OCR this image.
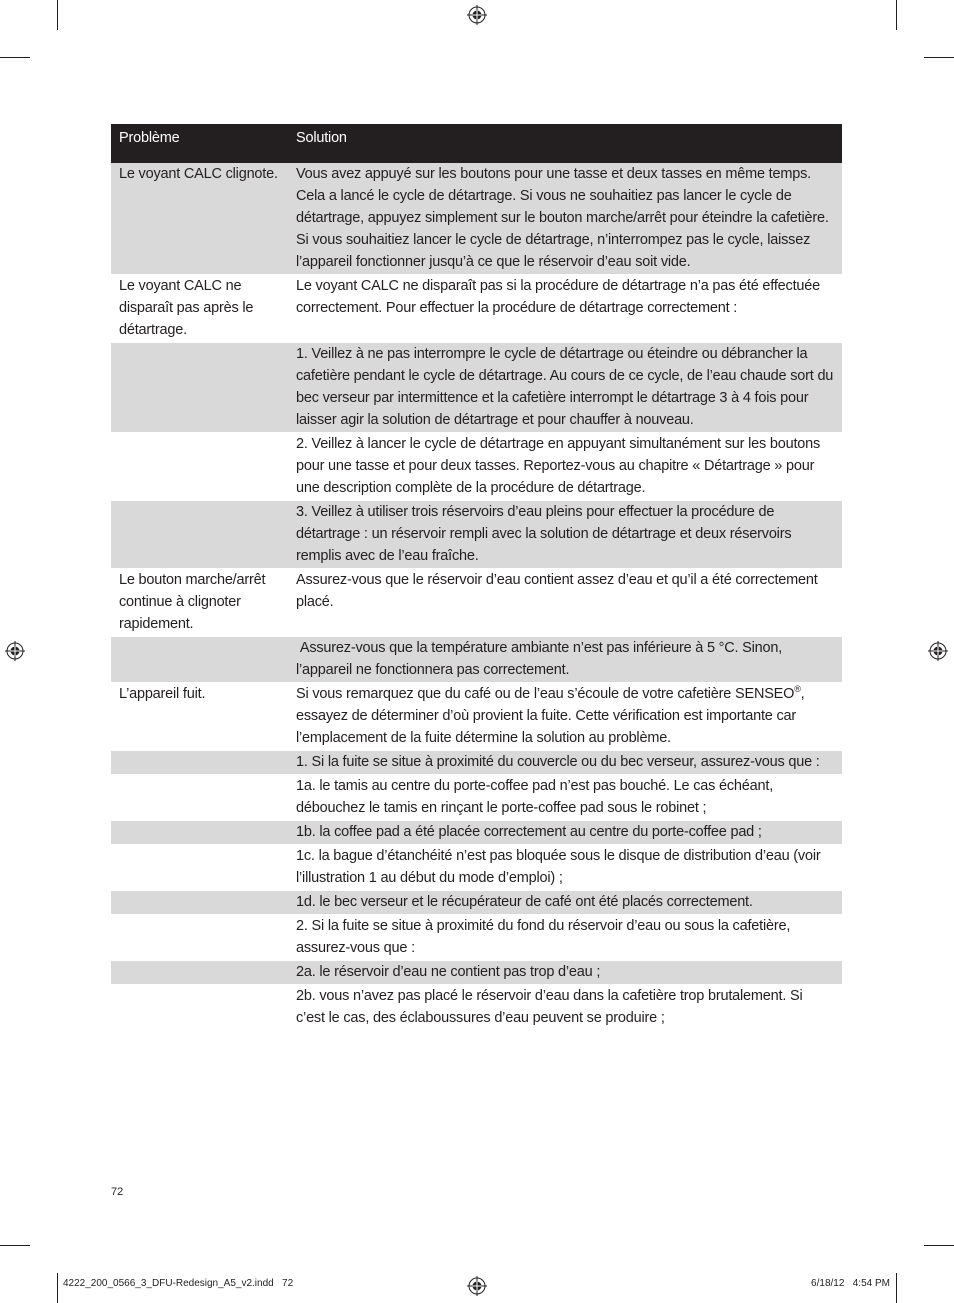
Problème	Solution
Le voyant CALC clignote.	Vous avez appuyé sur les boutons pour une tasse et deux tasses en même temps. Cela a lancé le cycle de détartrage. Si vous ne souhaitiez pas lancer le cycle de détartrage, appuyez simplement sur le bouton marche/arrêt pour éteindre la cafetière. Si vous souhaitiez lancer le cycle de détartrage, n’interrompez pas le cycle, laissez l’appareil fonctionner jusqu’à ce que le réservoir d’eau soit vide.
Le voyant CALC ne disparaît pas après le détartrage.	Le voyant CALC ne disparaît pas si la procédure de détartrage n’a pas été effectuée correctement. Pour effectuer la procédure de détartrage correctement :
	1. Veillez à ne pas interrompre le cycle de détartrage ou éteindre ou débrancher la cafetière pendant le cycle de détartrage. Au cours de ce cycle, de l’eau chaude sort du bec verseur par intermittence et la cafetière interrompt le détartrage 3 à 4 fois pour laisser agir la solution de détartrage et pour chauffer à nouveau.
	2. Veillez à lancer le cycle de détartrage en appuyant simultanément sur les boutons pour une tasse et pour deux tasses. Reportez-vous au chapitre « Détartrage » pour une description complète de la procédure de détartrage.
	3. Veillez à utiliser trois réservoirs d’eau pleins pour effectuer la procédure de détartrage : un réservoir rempli avec la solution de détartrage et deux réservoirs remplis avec de l’eau fraîche.
Le bouton marche/arrêt continue à clignoter rapidement.	Assurez-vous que le réservoir d’eau contient assez d’eau et qu’il a été correctement placé.
	Assurez-vous que la température ambiante n’est pas inférieure à 5 °C. Sinon, l’appareil ne fonctionnera pas correctement.
L’appareil fuit.	Si vous remarquez que du café ou de l’eau s’écoule de votre cafetière SENSEO®, essayez de déterminer d’où provient la fuite. Cette vérification est importante car l’emplacement de la fuite détermine la solution au problème.
	1. Si la fuite se situe à proximité du couvercle ou du bec verseur, assurez-vous que :
	1a. le tamis au centre du porte-coffee pad n’est pas bouché. Le cas échéant, débouchez le tamis en rinçant le porte-coffee pad sous le robinet ;
	1b. la coffee pad a été placée correctement au centre du porte-coffee pad ;
	1c. la bague d’étanchéité n’est pas bloquée sous le disque de distribution d’eau (voir l’illustration 1 au début du mode d’emploi) ;
	1d. le bec verseur et le récupérateur de café ont été placés correctement.
	2. Si la fuite se situe à proximité du fond du réservoir d’eau ou sous la cafetière, assurez-vous que :
	2a. le réservoir d’eau ne contient pas trop d’eau ;
	2b. vous n’avez pas placé le réservoir d’eau dans la cafetière trop brutalement. Si c’est le cas, des éclaboussures d’eau peuvent se produire ;
72
4222_200_0566_3_DFU-Redesign_A5_v2.indd   72	6/18/12   4:54 PM
